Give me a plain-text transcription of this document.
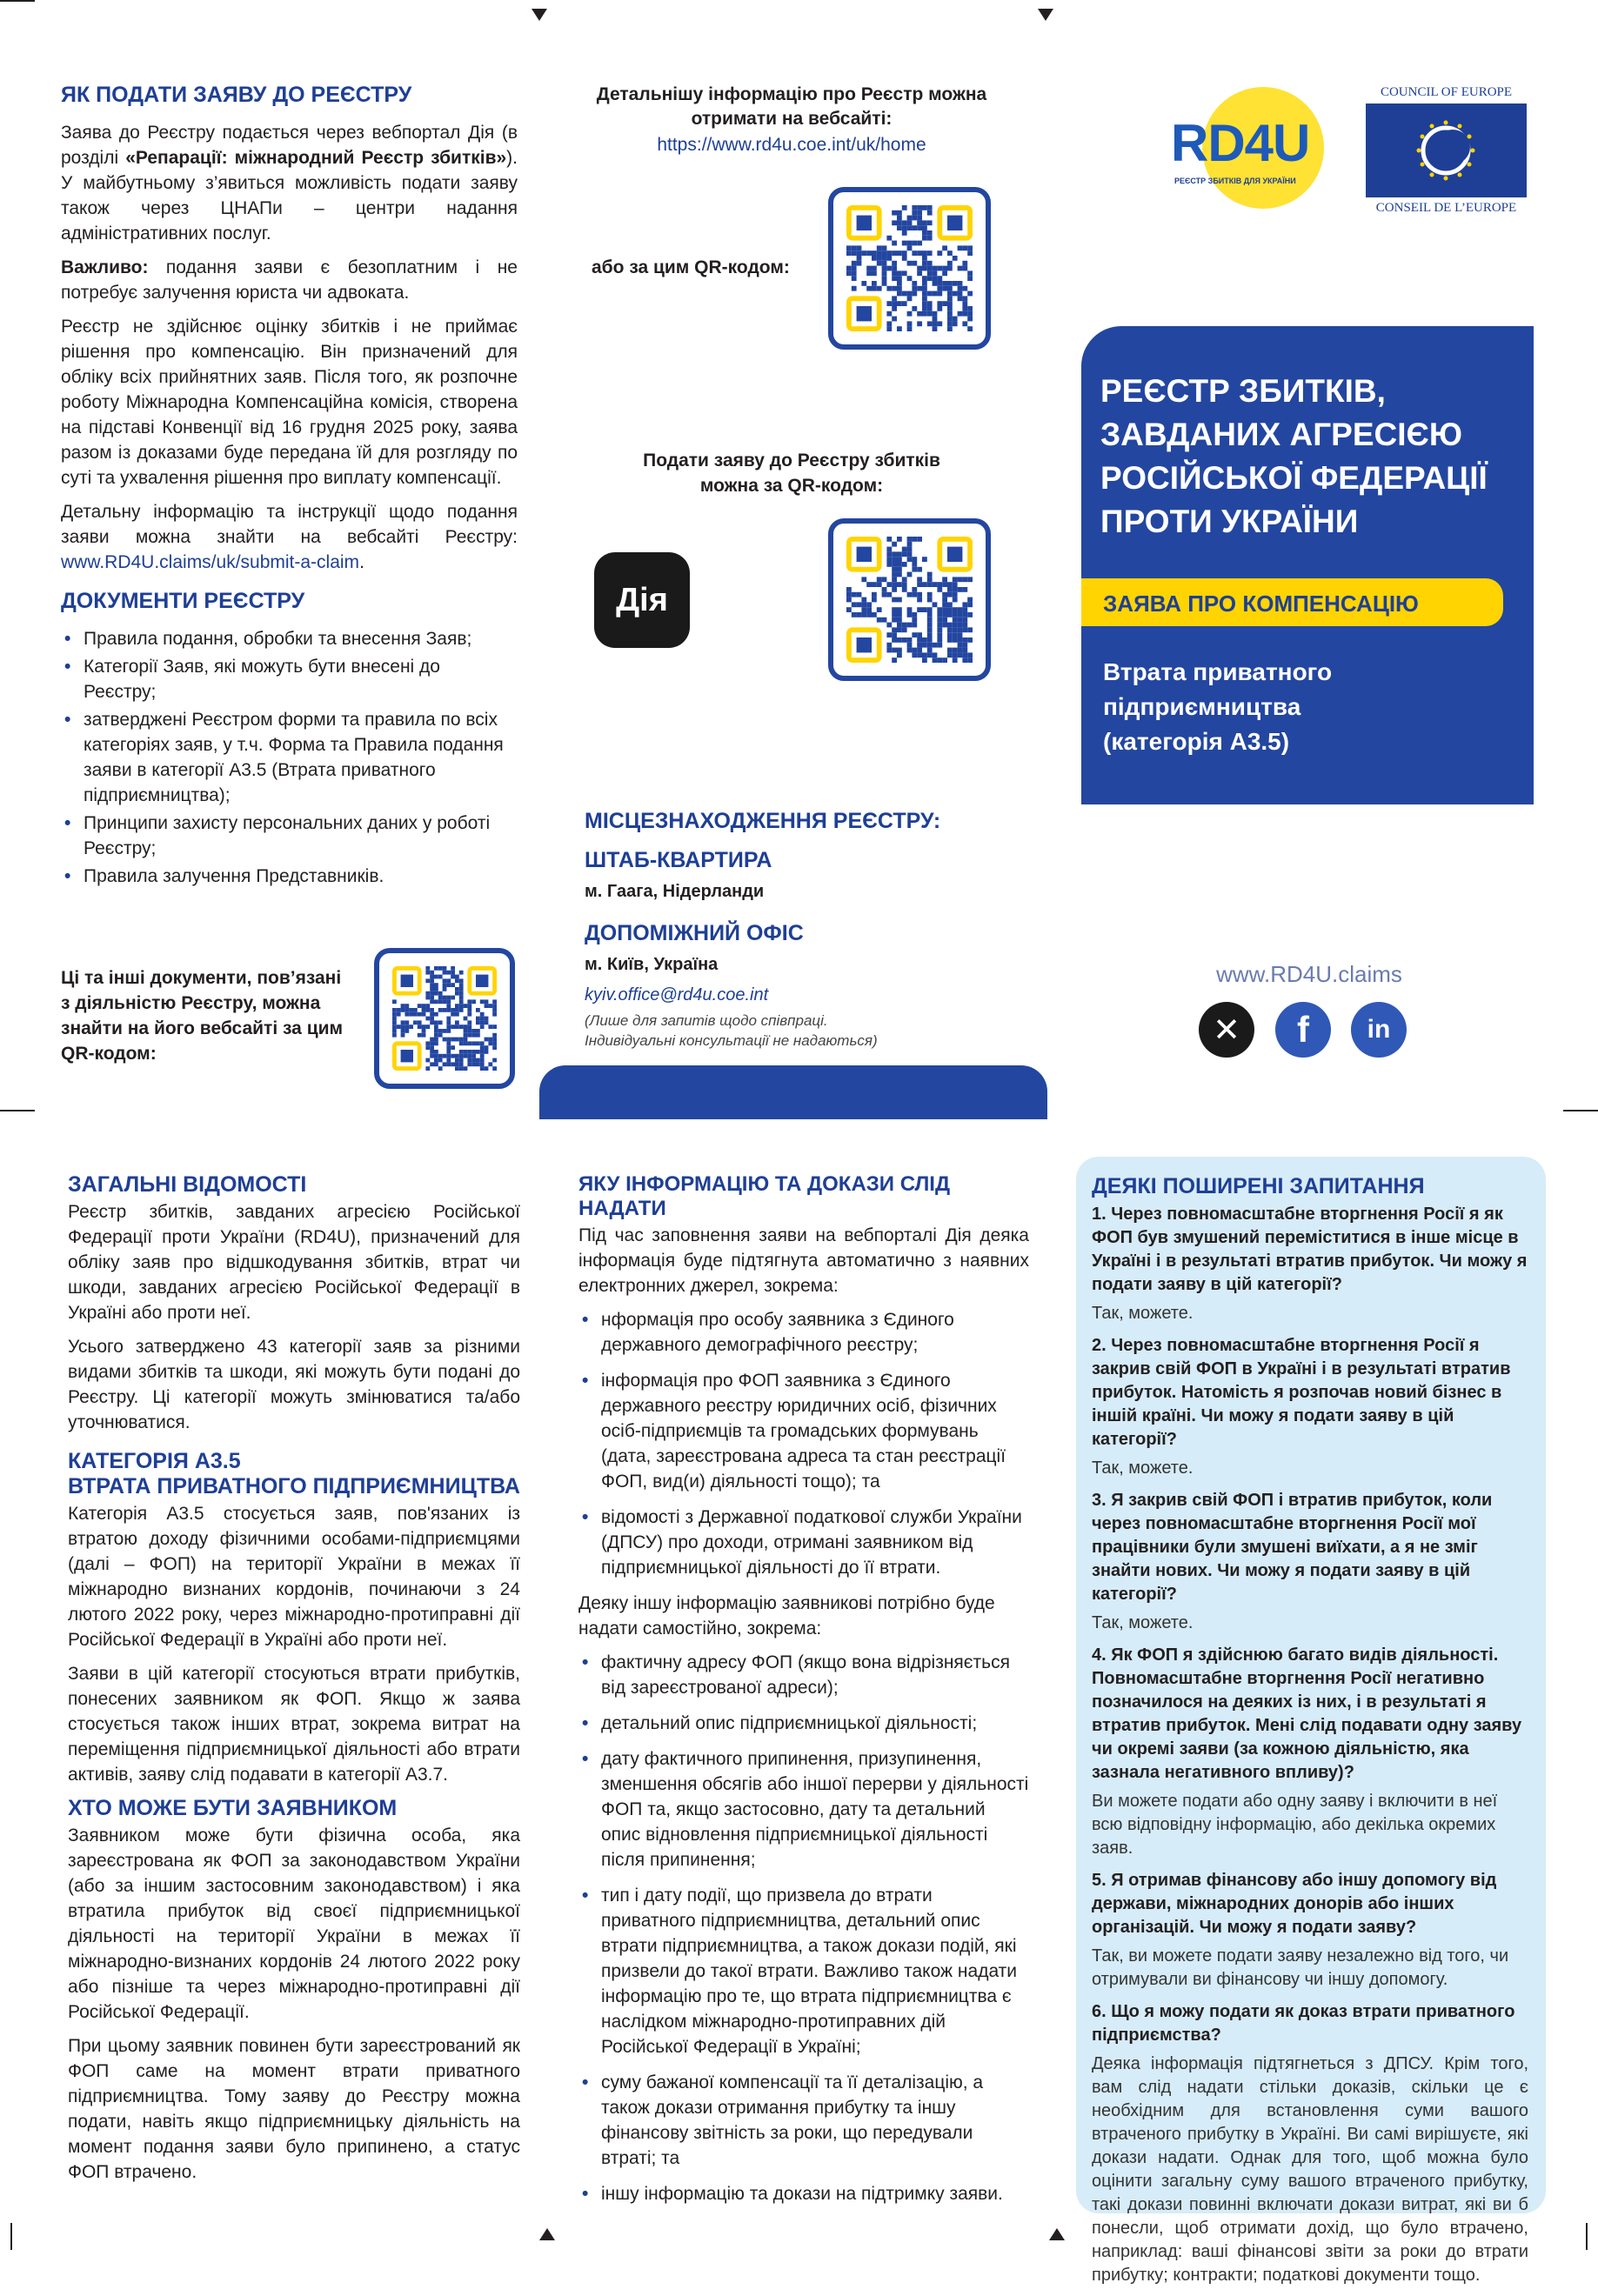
ЯК ПОДАТИ ЗАЯВУ ДО РЕЄСТРУ

Заява до Реєстру подається через вебпортал Дія (в розділі «Репарації: міжнародний Реєстр збитків»). У майбутньому з’явиться можливість подати заяву також через ЦНАПи – центри надання адміністративних послуг.

Важливо: подання заяви є безоплатним і не потребує залучення юриста чи адвоката.

Реєстр не здійснює оцінку збитків і не приймає рішення про компенсацію. Він призначений для обліку всіх прийнятних заяв. Після того, як розпочне роботу Міжнародна Компенсаційна комісія, створена на підставі Конвенції від 16 грудня 2025 року, заява разом із доказами буде передана їй для розгляду по суті та ухвалення рішення про виплату компенсації.

Детальну інформацію та інструкції щодо подання заяви можна знайти на вебсайті Реєстру: www.RD4U.claims/uk/submit-a-claim.

ДОКУМЕНТИ РЕЄСТРУ
• Правила подання, обробки та внесення Заяв;
• Категорії Заяв, які можуть бути внесені до Реєстру;
• затверджені Реєстром форми та правила по всіх категоріях заяв, у т.ч. Форма та Правила подання заяви в категорії А3.5 (Втрата приватного підприємництва);
• Принципи захисту персональних даних у роботі Реєстру;
• Правила залучення Представників.
Ці та інші документи, пов’язані з діяльністю Реєстру, можна знайти на його вебсайті за цим QR-кодом:
Детальнішу інформацію про Реєстр можна отримати на вебсайті:
https://www.rd4u.coe.int/uk/home
або за цим QR-кодом:
Подати заяву до Реєстру збитків можна за QR-кодом:
Дія
МІСЦЕЗНАХОДЖЕННЯ РЕЄСТРУ:
ШТАБ-КВАРТИРА
м. Гаага, Нідерланди
ДОПОМІЖНИЙ ОФІС
м. Київ, Україна
kyiv.office@rd4u.coe.int
(Лише для запитів щодо співпраці. Індивідуальні консультації не надаються)
RD4U
РЕЄСТР ЗБИТКІВ ДЛЯ УКРАЇНИ
COUNCIL OF EUROPE
CONSEIL DE L’EUROPE
РЕЄСТР ЗБИТКІВ, ЗАВДАНИХ АГРЕСІЄЮ РОСІЙСЬКОЇ ФЕДЕРАЦІЇ ПРОТИ УКРАЇНИ
ЗАЯВА ПРО КОМПЕНСАЦІЮ
Втрата приватного підприємництва (категорія А3.5)
www.RD4U.claims
✕	f	in
ЗАГАЛЬНІ ВІДОМОСТІ

Реєстр збитків, завданих агресією Російської Федерації проти України (RD4U), призначений для обліку заяв про відшкодування збитків, втрат чи шкоди, завданих агресією Російської Федерації в Україні або проти неї.

Усього затверджено 43 категорії заяв за різними видами збитків та шкоди, які можуть бути подані до Реєстру. Ці категорії можуть змінюватися та/або уточнюватися.

КАТЕГОРІЯ А3.5
ВТРАТА ПРИВАТНОГО ПІДПРИЄМНИЦТВА

Категорія А3.5 стосується заяв, пов'язаних із втратою доходу фізичними особами-підприємцями (далі – ФОП) на території України в межах її міжнародно визнаних кордонів, починаючи з 24 лютого 2022 року, через міжнародно-протиправні дії Російської Федерації в Україні або проти неї.

Заяви в цій категорії стосуються втрати прибутків, понесених заявником як ФОП. Якщо ж заява стосується також інших втрат, зокрема витрат на переміщення підприємницької діяльності або втрати активів, заяву слід подавати в категорії А3.7.

ХТО МОЖЕ БУТИ ЗАЯВНИКОМ

Заявником може бути фізична особа, яка зареєстрована як ФОП за законодавством України (або за іншим застосовним законодавством) і яка втратила прибуток від своєї підприємницької діяльності на території України в межах її міжнародно-визнаних кордонів 24 лютого 2022 року або пізніше та через міжнародно-протиправні дії Російської Федерації.

При цьому заявник повинен бути зареєстрований як ФОП саме на момент втрати приватного підприємництва. Тому заяву до Реєстру можна подати, навіть якщо підприємницьку діяльність на момент подання заяви було припинено, а статус ФОП втрачено.

ЯКУ ІНФОРМАЦІЮ ТА ДОКАЗИ СЛІД НАДАТИ

Під час заповнення заяви на вебпорталі Дія деяка інформація буде підтягнута автоматично з наявних електронних джерел, зокрема:

• нформація про особу заявника з Єдиного державного демографічного реєстру;
• інформація про ФОП заявника з Єдиного державного реєстру юридичних осіб, фізичних осіб-підприємців та громадських формувань (дата, зареєстрована адреса та стан реєстрації ФОП, вид(и) діяльності тощо); та
• відомості з Державної податкової служби України (ДПСУ) про доходи, отримані заявником від підприємницької діяльності до її втрати.

Деяку іншу інформацію заявникові потрібно буде надати самостійно, зокрема:

• фактичну адресу ФОП (якщо вона відрізняється від зареєстрованої адреси);
• детальний опис підприємницької діяльності;
• дату фактичного припинення, призупинення, зменшення обсягів або іншої перерви у діяльності ФОП та, якщо застосовно, дату та детальний опис відновлення підприємницької діяльності після припинення;
• тип і дату події, що призвела до втрати приватного підприємництва, детальний опис втрати підприємництва, а також докази подій, які призвели до такої втрати. Важливо також надати інформацію про те, що втрата підприємництва є наслідком міжнародно-протиправних дій Російської Федерації в Україні;
• суму бажаної компенсації та її деталізацію, а також докази отримання прибутку та іншу фінансову звітність за роки, що передували втраті; та
• іншу інформацію та докази на підтримку заяви.
ДЕЯКІ ПОШИРЕНІ ЗАПИТАННЯ

1. Через повномасштабне вторгнення Росії я як ФОП був змушений переміститися в інше місце в Україні і в результаті втратив прибуток. Чи можу я подати заяву в цій категорії?

Так, можете.

2. Через повномасштабне вторгнення Росії я закрив свій ФОП в Україні і в результаті втратив прибуток. Натомість я розпочав новий бізнес в іншій країні. Чи можу я подати заяву в цій категорії?

Так, можете.

3. Я закрив свій ФОП і втратив прибуток, коли через повномасштабне вторгнення Росії мої працівники були змушені виїхати, а я не зміг знайти нових. Чи можу я подати заяву в цій категорії?

Так, можете.

4. Як ФОП я здійснюю багато видів діяльності. Повномасштабне вторгнення Росії негативно позначилося на деяких із них, і в результаті я втратив прибуток. Мені слід подавати одну заяву чи окремі заяви (за кожною діяльністю, яка зазнала негативного впливу)?

Ви можете подати або одну заяву і включити в неї всю відповідну інформацію, або декілька окремих заяв.

5. Я отримав фінансову або іншу допомогу від держави, міжнародних донорів або інших організацій. Чи можу я подати заяву?

Так, ви можете подати заяву незалежно від того, чи отримували ви фінансову чи іншу допомогу.

6. Що я можу подати як доказ втрати приватного підприємства?

Деяка інформація підтягнеться з ДПСУ. Крім того, вам слід надати стільки доказів, скільки це є необхідним для встановлення суми вашого втраченого прибутку в Україні. Ви самі вирішуєте, які докази надати. Однак для того, щоб можна було оцінити загальну суму вашого втраченого прибутку, такі докази повинні включати докази витрат, які ви б понесли, щоб отримати дохід, що було втрачено, наприклад: ваші фінансові звіти за роки до втрати прибутку; контракти; податкові документи тощо.
